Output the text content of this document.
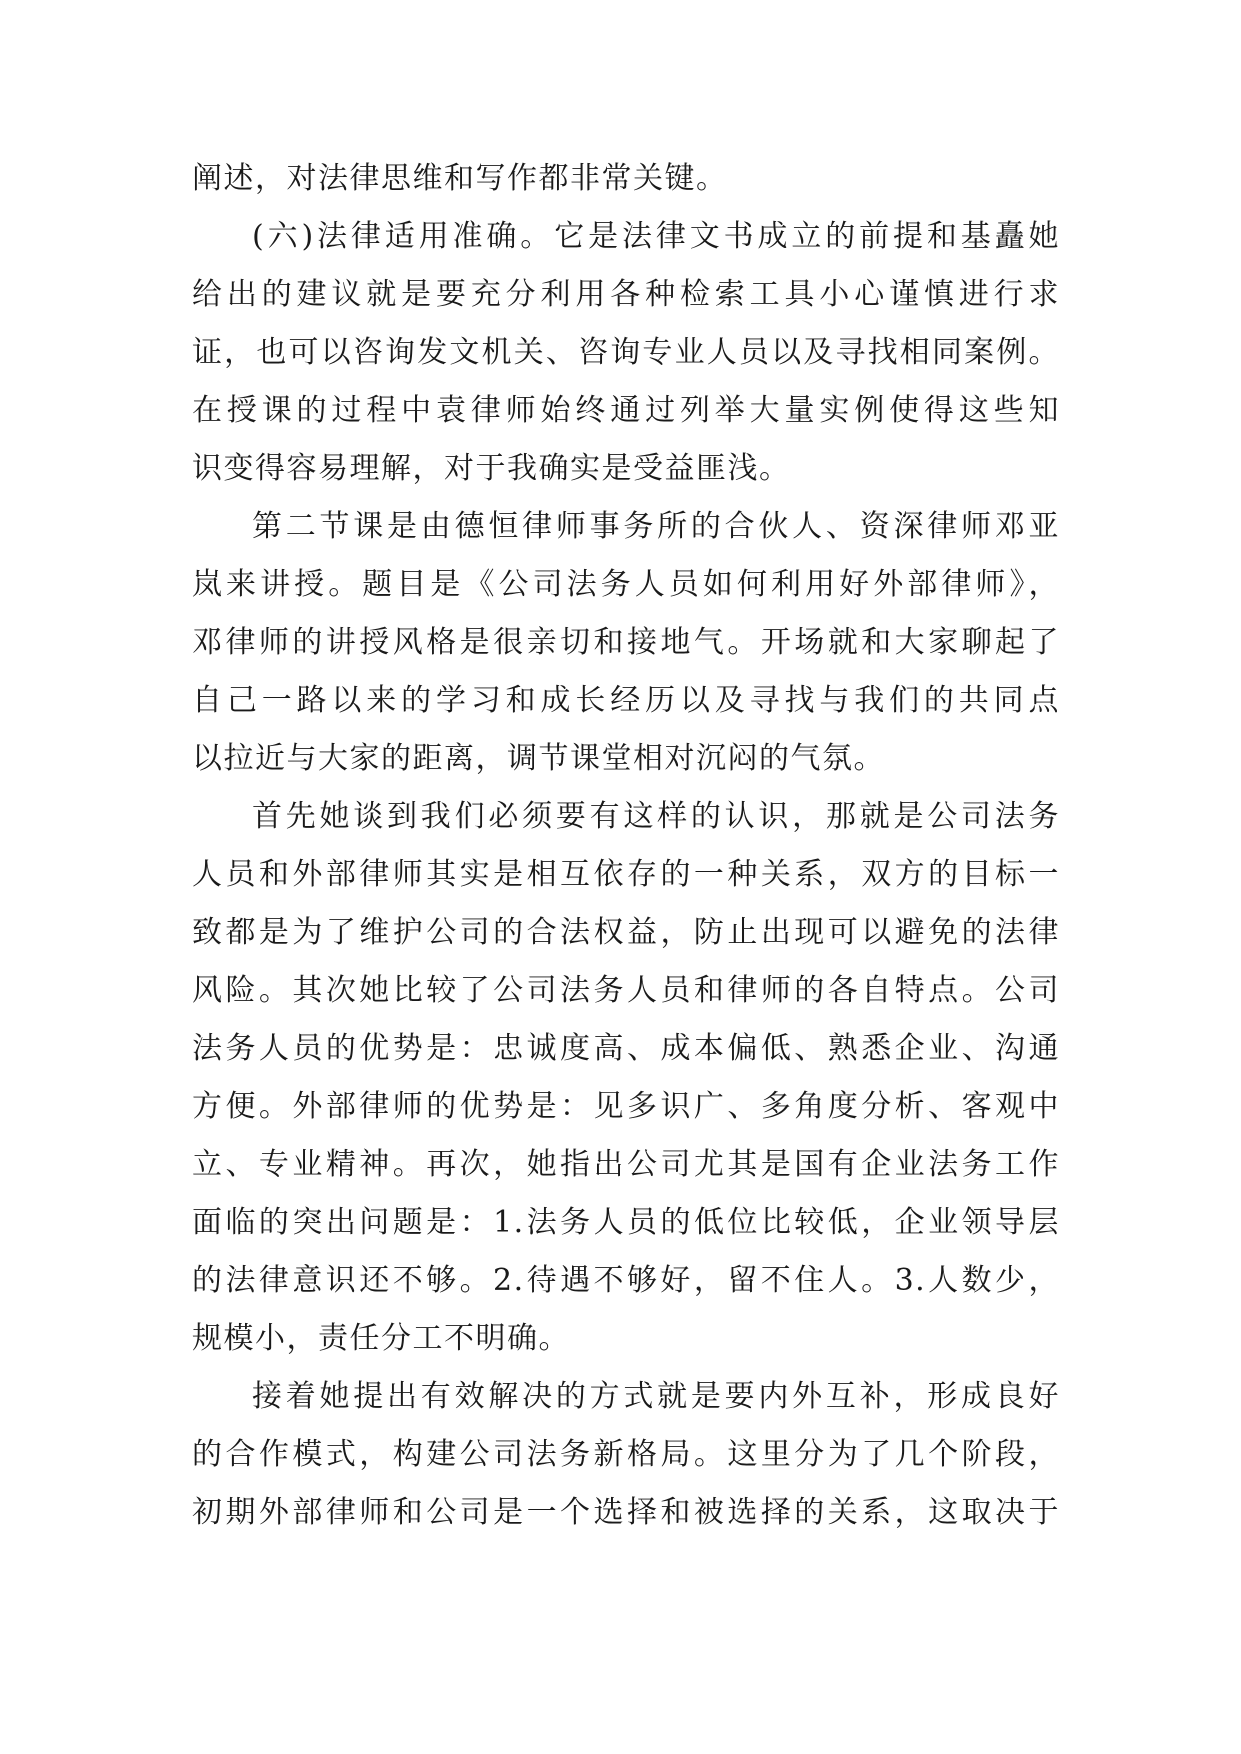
阐述，对法律思维和写作都非常关键。
(六)法律适用准确。它是法律文书成立的前提和基矗她
给出的建议就是要充分利用各种检索工具小心谨慎进行求
证，也可以咨询发文机关、咨询专业人员以及寻找相同案例。
在授课的过程中袁律师始终通过列举大量实例使得这些知
识变得容易理解，对于我确实是受益匪浅。
第二节课是由德恒律师事务所的合伙人、资深律师邓亚
岚来讲授。题目是《公司法务人员如何利用好外部律师》，
邓律师的讲授风格是很亲切和接地气。开场就和大家聊起了
自己一路以来的学习和成长经历以及寻找与我们的共同点
以拉近与大家的距离，调节课堂相对沉闷的气氛。
首先她谈到我们必须要有这样的认识，那就是公司法务
人员和外部律师其实是相互依存的一种关系，双方的目标一
致都是为了维护公司的合法权益，防止出现可以避免的法律
风险。其次她比较了公司法务人员和律师的各自特点。公司
法务人员的优势是：忠诚度高、成本偏低、熟悉企业、沟通
方便。外部律师的优势是：见多识广、多角度分析、客观中
立、专业精神。再次，她指出公司尤其是国有企业法务工作
面临的突出问题是：1.法务人员的低位比较低，企业领导层
的法律意识还不够。2.待遇不够好，留不住人。3.人数少，
规模小，责任分工不明确。
接着她提出有效解决的方式就是要内外互补，形成良好
的合作模式，构建公司法务新格局。这里分为了几个阶段，
初期外部律师和公司是一个选择和被选择的关系，这取决于
